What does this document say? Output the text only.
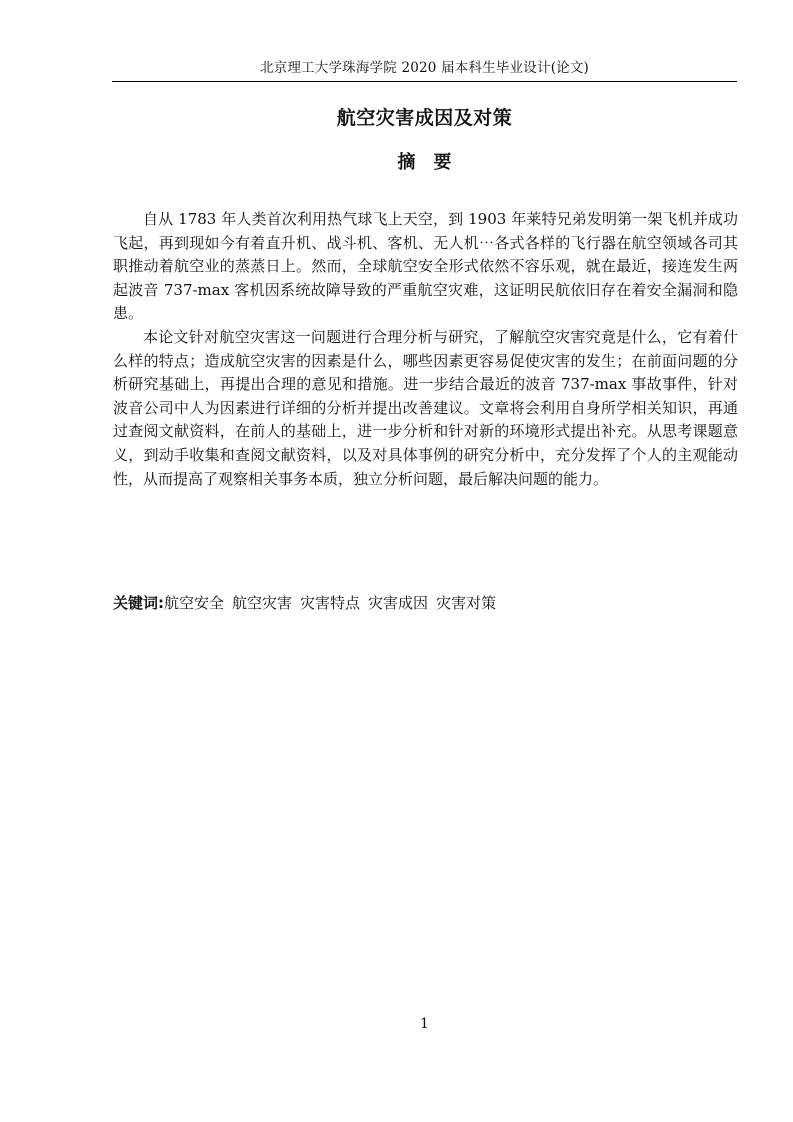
北京理工大学珠海学院 2020 届本科生毕业设计(论文)
航空灾害成因及对策
摘要

自从 1783 年人类首次利用热气球飞上天空，到 1903 年莱特兄弟发明第一架飞机并成功飞起，再到现如今有着直升机、战斗机、客机、无人机⋯各式各样的飞行器在航空领域各司其职推动着航空业的蒸蒸日上。然而，全球航空安全形式依然不容乐观，就在最近，接连发生两起波音 737-max 客机因系统故障导致的严重航空灾难，这证明民航依旧存在着安全漏洞和隐患。

本论文针对航空灾害这一问题进行合理分析与研究，了解航空灾害究竟是什么，它有着什么样的特点；造成航空灾害的因素是什么，哪些因素更容易促使灾害的发生；在前面问题的分析研究基础上，再提出合理的意见和措施。进一步结合最近的波音 737-max 事故事件，针对波音公司中人为因素进行详细的分析并提出改善建议。文章将会利用自身所学相关知识，再通过查阅文献资料，在前人的基础上，进一步分析和针对新的环境形式提出补充。从思考课题意义，到动手收集和查阅文献资料，以及对具体事例的研究分析中，充分发挥了个人的主观能动性，从而提高了观察相关事务本质，独立分析问题，最后解决问题的能力。

关键词:航空安全 航空灾害 灾害特点 灾害成因 灾害对策
1
